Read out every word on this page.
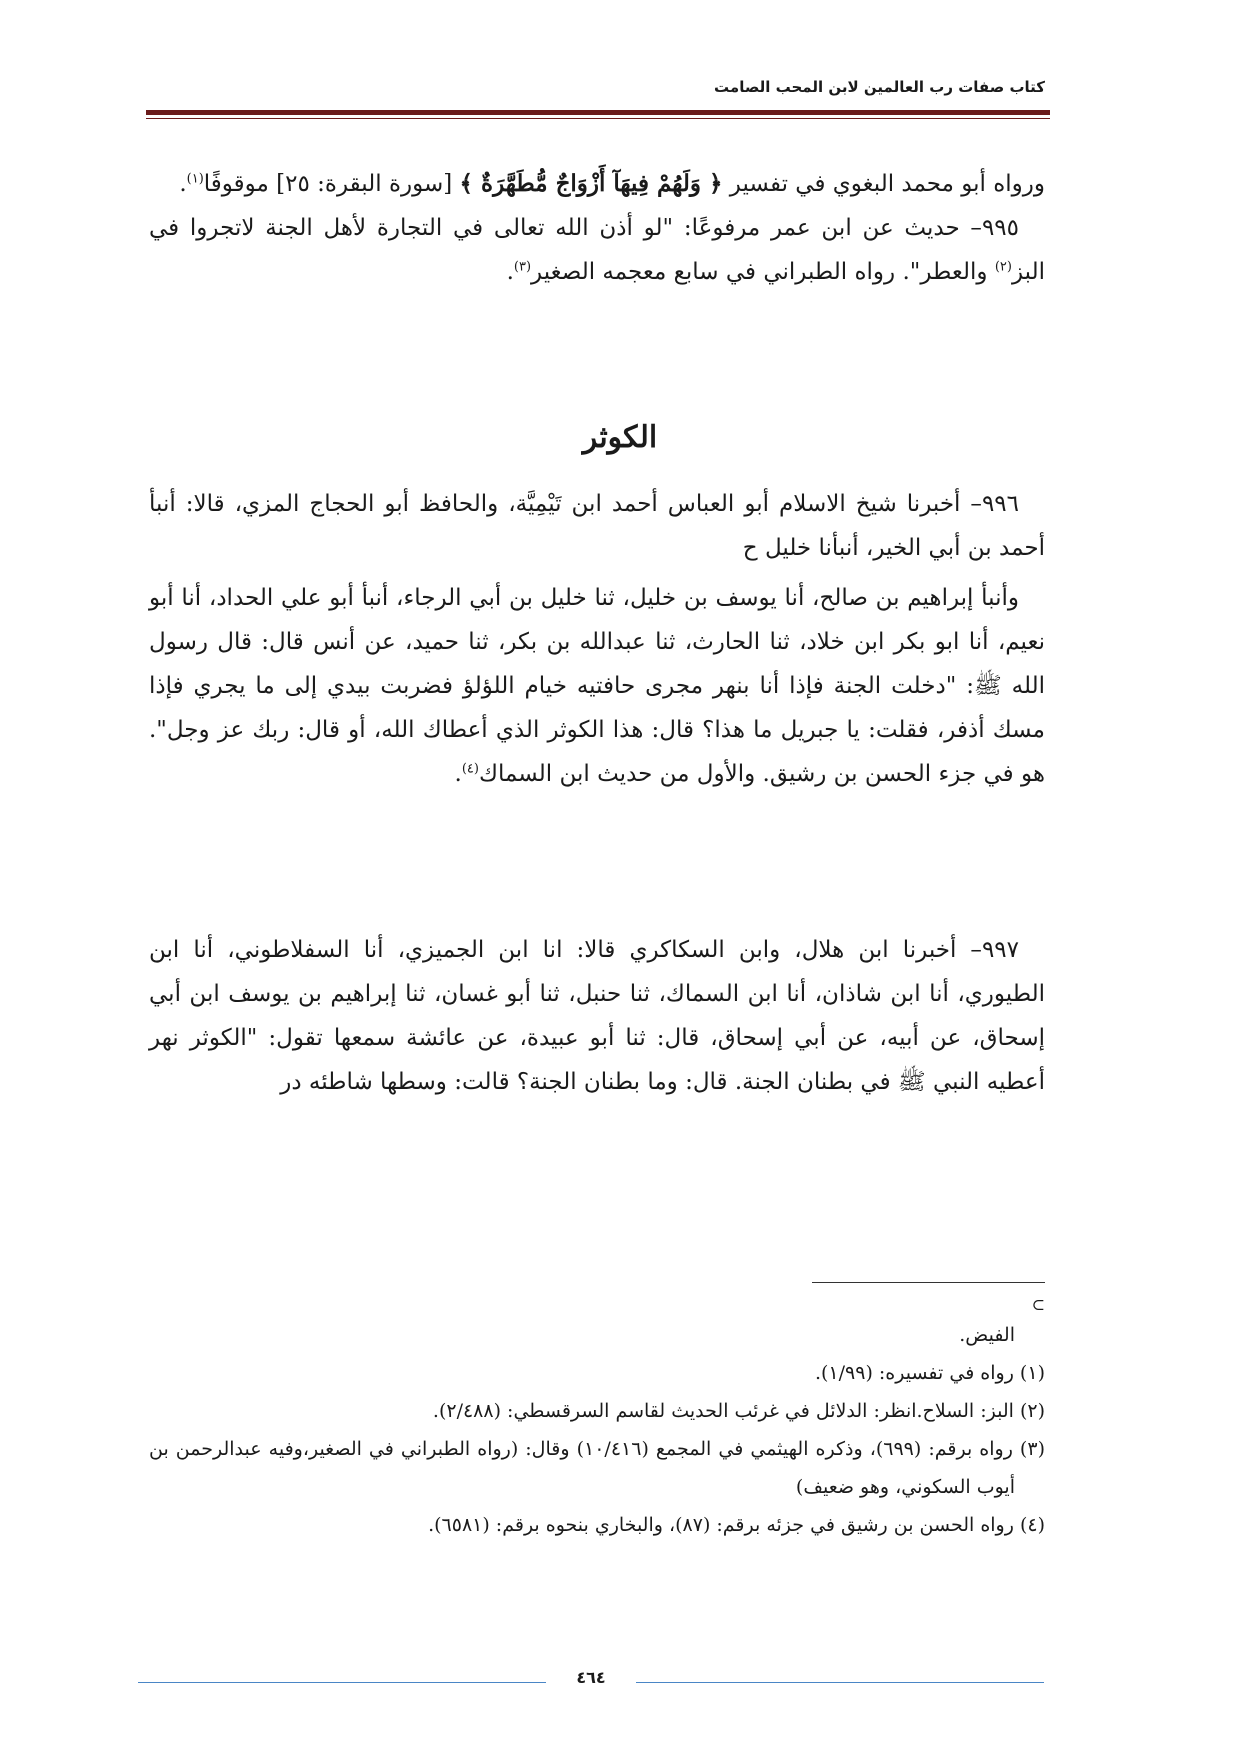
كتاب صفات رب العالمين لابن المحب الصامت

ورواه أبو محمد البغوي في تفسير ﴿ وَلَهُمْ فِيهَآ أَزْوَاجٌ مُّطَهَّرَةٌ ﴾ [سورة البقرة: ٢٥] موقوفًا$^{(١)}$.

٩٩٥– حديث عن ابن عمر مرفوعًا: "لو أذن الله تعالى في التجارة لأهل الجنة لاتجروا في البز$^{(٢)}$ والعطر". رواه الطبراني في سابع معجمه الصغير$^{(٣)}$.

الكوثر

٩٩٦– أخبرنا شيخ الاسلام أبو العباس أحمد ابن تَيْمِيَّة، والحافظ أبو الحجاج المزي، قالا: أنبأ أحمد بن أبي الخير، أنبأنا خليل ح

وأنبأ إبراهيم بن صالح، أنا يوسف بن خليل، ثنا خليل بن أبي الرجاء، أنبأ أبو علي الحداد، أنا أبو نعيم، أنا ابو بكر ابن خلاد، ثنا الحارث، ثنا عبدالله بن بكر، ثنا حميد، عن أنس قال: قال رسول الله ﷺ: "دخلت الجنة فإذا أنا بنهر مجرى حافتيه خيام اللؤلؤ فضربت بيدي إلى ما يجري فإذا مسك أذفر، فقلت: يا جبريل ما هذا؟ قال: هذا الكوثر الذي أعطاك الله، أو قال: ربك عز وجل". هو في جزء الحسن بن رشيق. والأول من حديث ابن السماك$^{(٤)}$.

٩٩٧– أخبرنا ابن هلال، وابن السكاكري قالا: انا ابن الجميزي، أنا السفلاطوني، أنا ابن الطيوري، أنا ابن شاذان، أنا ابن السماك، ثنا حنبل، ثنا أبو غسان، ثنا إبراهيم بن يوسف ابن أبي إسحاق، عن أبيه، عن أبي إسحاق، قال: ثنا أبو عبيدة، عن عائشة سمعها تقول: "الكوثر نهر أعطيه النبي ﷺ في بطنان الجنة. قال: وما بطنان الجنة؟ قالت: وسطها شاطئه در

⊃

الفيض.

(١) رواه في تفسيره: (١/٩٩).

(٢) البز: السلاح.انظر: الدلائل في غرئب الحديث لقاسم السرقسطي: (٢/٤٨٨).

(٣) رواه برقم: (٦٩٩)، وذكره الهيثمي في المجمع (١٠/٤١٦) وقال: (رواه الطبراني في الصغير،وفيه عبدالرحمن بن أيوب السكوني، وهو ضعيف)

(٤) رواه الحسن بن رشيق في جزئه برقم: (٨٧)، والبخاري بنحوه برقم: (٦٥٨١).

٤٦٤
